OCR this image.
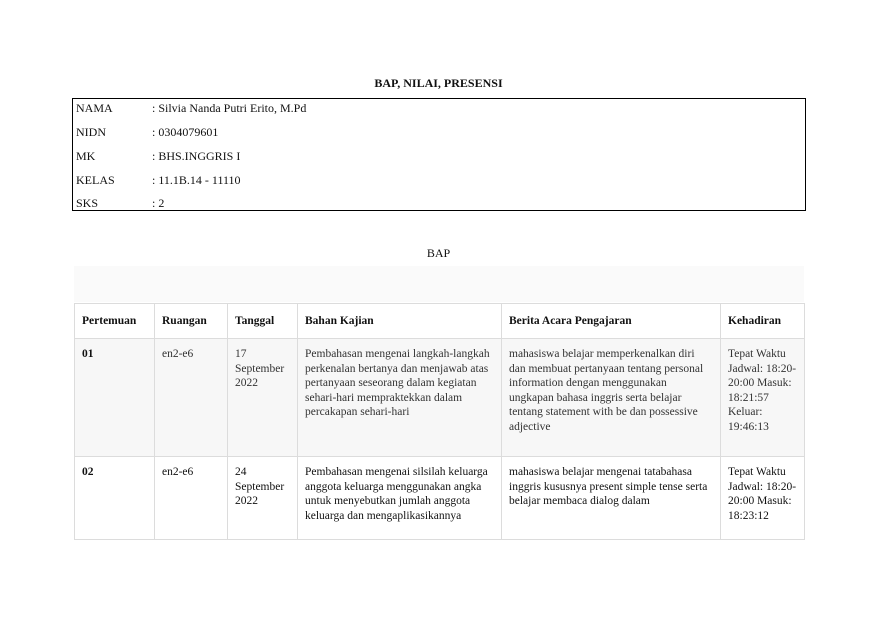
BAP, NILAI, PRESENSI
NAMA	: Silvia Nanda Putri Erito, M.Pd
NIDN	: 0304079601
MK	: BHS.INGGRIS I
KELAS	: 11.1B.14 - 11110
SKS	: 2
BAP
Pertemuan	Ruangan	Tanggal	Bahan Kajian	Berita Acara Pengajaran	Kehadiran
01	en2-e6	17 September 2022	Pembahasan mengenai langkah-langkah perkenalan bertanya dan menjawab atas pertanyaan seseorang dalam kegiatan sehari-hari mempraktekkan dalam percakapan sehari-hari	mahasiswa belajar memperkenalkan diri dan membuat pertanyaan tentang personal information dengan menggunakan ungkapan bahasa inggris serta belajar tentang statement with be dan possessive adjective	Tepat Waktu Jadwal: 18:20-20:00 Masuk: 18:21:57 Keluar: 19:46:13
02	en2-e6	24 September 2022	Pembahasan mengenai silsilah keluarga anggota keluarga menggunakan angka untuk menyebutkan jumlah anggota keluarga dan mengaplikasikannya	mahasiswa belajar mengenai tatabahasa inggris kususnya present simple tense serta belajar membaca dialog dalam	Tepat Waktu Jadwal: 18:20-20:00 Masuk: 18:23:12
